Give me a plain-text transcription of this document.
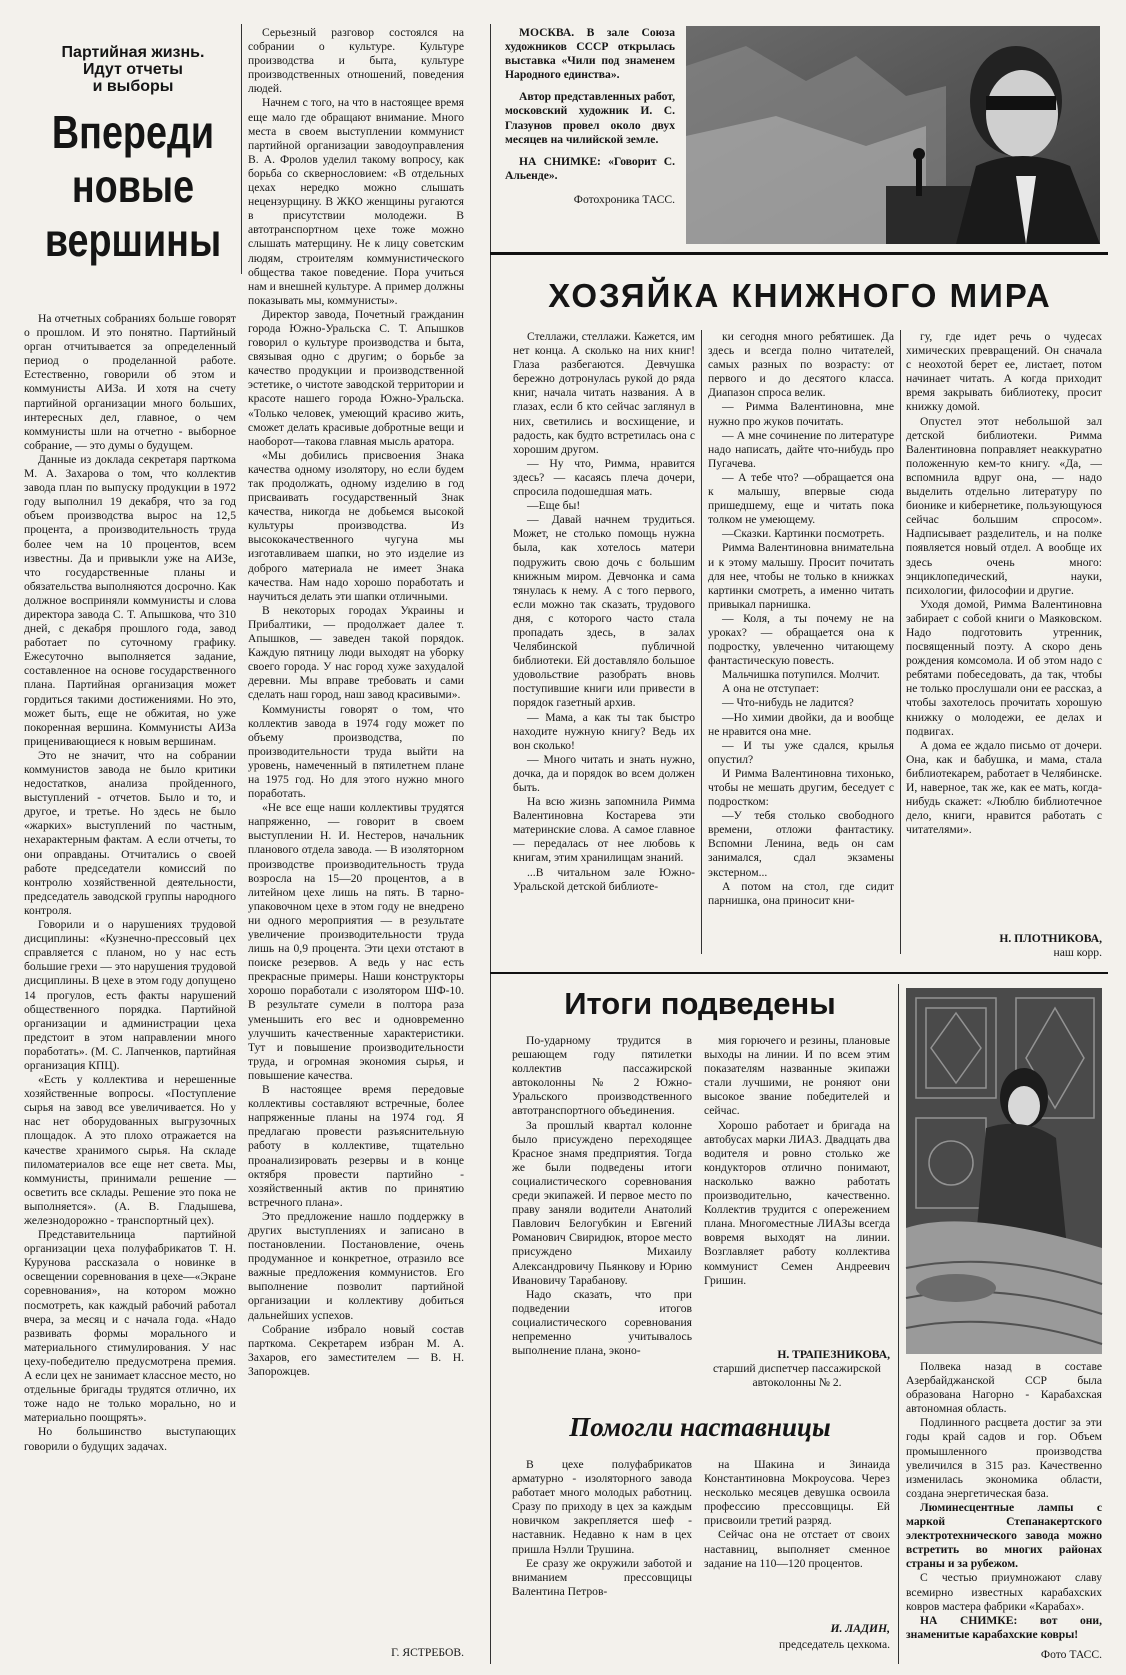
Партийная жизнь.
Идут отчеты
и выборы
Впереди
новые
вершины

На отчетных собраниях больше говорят о прошлом. И это понятно. Партийный орган отчитывается за определенный период о проделанной работе. Естественно, говорили об этом и коммунисты АИЗа. И хотя на счету партийной организации много больших, интересных дел, главное, о чем коммунисты шли на отчетно - выборное собрание, — это думы о будущем.

Данные из доклада секретаря парткома М. А. Захарова о том, что коллектив завода план по выпуску продукции в 1972 году выполнил 19 декабря, что за год объем производства вырос на 12,5 процента, а производительность труда более чем на 10 процентов, всем известны. Да и привыкли уже на АИЗе, что государственные планы и обязательства выполняются досрочно. Как должное восприняли коммунисты и слова директора завода С. Т. Апышкова, что 310 дней, с декабря прошлого года, завод работает по суточному графику. Ежесуточно выполняется задание, составленное на основе государственного плана. Партийная организация может гордиться такими достижениями. Но это, может быть, еще не обжитая, но уже покоренная вершина. Коммунисты АИЗа приценивающиеся к новым вершинам.

Это не значит, что на собрании коммунистов завода не было критики недостатков, анализа пройденного, выступлений - отчетов. Было и то, и другое, и третье. Но здесь не было «жарких» выступлений по частным, нехарактерным фактам. А если отчеты, то они оправданы. Отчитались о своей работе председатели комиссий по контролю хозяйственной деятельности, председатель заводской группы народного контроля.

Говорили и о нарушениях трудовой дисциплины: «Кузнечно-прессовый цех справляется с планом, но у нас есть большие грехи — это нарушения трудовой дисциплины. В цехе в этом году допущено 14 прогулов, есть факты нарушений общественного порядка. Партийной организации и администрации цеха предстоит в этом направлении много поработать». (М. С. Лапченков, партийная организация КПЦ).

«Есть у коллектива и нерешенные хозяйственные вопросы. «Поступление сырья на завод все увеличивается. Но у нас нет оборудованных выгрузочных площадок. А это плохо отражается на качестве хранимого сырья. На складе пиломатериалов все еще нет света. Мы, коммунисты, принимали решение — осветить все склады. Решение это пока не выполняется». (А. В. Гладышева, железнодорожно - транспортный цех).

Представительница партийной организации цеха полуфабрикатов Т. Н. Курунова рассказала о новинке в освещении соревнования в цехе—«Экране соревнования», на котором можно посмотреть, как каждый рабочий работал вчера, за месяц и с начала года. «Надо развивать формы морального и материального стимулирования. У нас цеху-победителю предусмотрена премия. А если цех не занимает классное место, но отдельные бригады трудятся отлично, их тоже надо не только морально, но и материально поощрять».

Но большинство выступающих говорили о будущих задачах.

Серьезный разговор состоялся на собрании о культуре. Культуре производства и быта, культуре производственных отношений, поведения людей.

Начнем с того, на что в настоящее время еще мало где обращают внимание. Много места в своем выступлении коммунист партийной организации заводоуправления В. А. Фролов уделил такому вопросу, как борьба со сквернословием: «В отдельных цехах нередко можно слышать нецензурщину. В ЖКО женщины ругаются в присутствии молодежи. В автотранспортном цехе тоже можно слышать матерщину. Не к лицу советским людям, строителям коммунистического общества такое поведение. Пора учиться нам и внешней культуре. А пример должны показывать мы, коммунисты».

Директор завода, Почетный гражданин города Южно-Уральска С. Т. Апышков говорил о культуре производства и быта, связывая одно с другим; о борьбе за качество продукции и производственной эстетике, о чистоте заводской территории и красоте нашего города Южно-Уральска. «Только человек, умеющий красиво жить, сможет делать красивые добротные вещи и наоборот—такова главная мысль аратора.

«Мы добились присвоения Знака качества одному изолятору, но если будем так продолжать, одному изделию в год присваивать государственный Знак качества, никогда не добьемся высокой культуры производства. Из высококачественного чугуна мы изготавливаем шапки, но это изделие из доброго материала не имеет Знака качества. Нам надо хорошо поработать и научиться делать эти шапки отличными.

В некоторых городах Украины и Прибалтики, — продолжает далее т. Апышков, — заведен такой порядок. Каждую пятницу люди выходят на уборку своего города. У нас город хуже захудалой деревни. Мы вправе требовать и сами сделать наш город, наш завод красивыми».

Коммунисты говорят о том, что коллектив завода в 1974 году может по объему производства, по производительности труда выйти на уровень, намеченный в пятилетнем плане на 1975 год. Но для этого нужно много поработать.

«Не все еще наши коллективы трудятся напряженно, — говорит в своем выступлении Н. И. Нестеров, начальник планового отдела завода. — В изоляторном производстве производительность труда возросла на 15—20 процентов, а в литейном цехе лишь на пять. В тарно-упаковочном цехе в этом году не внедрено ни одного мероприятия — в результате увеличение производительности труда лишь на 0,9 процента. Эти цехи отстают в поиске резервов. А ведь у нас есть прекрасные примеры. Наши конструкторы хорошо поработали с изолятором ШФ-10. В результате сумели в полтора раза уменьшить его вес и одновременно улучшить качественные характеристики. Тут и повышение производительности труда, и огромная экономия сырья, и повышение качества.

В настоящее время передовые коллективы составляют встречные, более напряженные планы на 1974 год. Я предлагаю провести разъяснительную работу в коллективе, тщательно проанализировать резервы и в конце октября провести партийно - хозяйственный актив по принятию встречного плана».

Это предложение нашло поддержку в других выступлениях и записано в постановлении. Постановление, очень продуманное и конкретное, отразило все важные предложения коммунистов. Его выполнение позволит партийной организации и коллективу добиться дальнейших успехов.

Собрание избрало новый состав парткома. Секретарем избран М. А. Захаров, его заместителем — В. Н. Запорожцев.

Г. ЯСТРЕБОВ.

МОСКВА. В зале Союза художников СССР открылась выставка «Чили под знаменем Народного единства».

Автор представленных работ, московский художник И. С. Глазунов провел около двух месяцев на чилийской земле.

НА СНИМКЕ: «Говорит С. Альенде».

Фотохроника ТАСС.
ХОЗЯЙКА КНИЖНОГО МИРА

Стеллажи, стеллажи. Кажется, им нет конца. А сколько на них книг! Глаза разбегаются. Девчушка бережно дотронулась рукой до ряда книг, начала читать названия. А в глазах, если б кто сейчас заглянул в них, светились и восхищение, и радость, как будто встретилась она с хорошим другом.

— Ну что, Римма, нравится здесь? — касаясь плеча дочери, спросила подошедшая мать.

—Еще бы!

— Давай начнем трудиться. Может, не столько помощь нужна была, как хотелось матери подружить свою дочь с большим книжным миром. Девчонка и сама тянулась к нему. А с того первого, если можно так сказать, трудового дня, с которого часто стала пропадать здесь, в залах Челябинской публичной библиотеки. Ей доставляло большое удовольствие разобрать вновь поступившие книги или привести в порядок газетный архив.

— Мама, а как ты так быстро находите нужную книгу? Ведь их вон сколько!

— Много читать и знать нужно, дочка, да и порядок во всем должен быть.

На всю жизнь запомнила Римма Валентиновна Костарева эти материнские слова. А самое главное — передалась от нее любовь к книгам, этим хранилищам знаний.

...В читальном зале Южно-Уральской детской библиоте-

ки сегодня много ребятишек. Да здесь и всегда полно читателей, самых разных по возрасту: от первого и до десятого класса. Диапазон спроса велик.

— Римма Валентиновна, мне нужно про жуков почитать.

— А мне сочинение по литературе надо написать, дайте что-нибудь про Пугачева.

— А тебе что? —обращается она к малышу, впервые сюда пришедшему, еще и читать пока толком не умеющему.

—Сказки. Картинки посмотреть.

Римма Валентиновна внимательна и к этому малышу. Просит почитать для нее, чтобы не только в книжках картинки смотреть, а именно читать привыкал парнишка.

— Коля, а ты почему не на уроках? — обращается она к подростку, увлеченно читающему фантастическую повесть.

Мальчишка потупился. Молчит.

А она не отступает:

— Что-нибудь не ладится?

—Но химии двойки, да и вообще не нравится она мне.

— И ты уже сдался, крылья опустил?

И Римма Валентиновна тихонько, чтобы не мешать другим, беседует с подростком:

—У тебя столько свободного времени, отложи фантастику. Вспомни Ленина, ведь он сам занимался, сдал экзамены экстерном...

А потом на стол, где сидит парнишка, она приносит кни-

гу, где идет речь о чудесах химических превращений. Он сначала с неохотой берет ее, листает, потом начинает читать. А когда приходит время закрывать библиотеку, просит книжку домой.

Опустел этот небольшой зал детской библиотеки. Римма Валентиновна поправляет неаккуратно положенную кем-то книгу. «Да, — вспомнила вдруг она, — надо выделить отдельно литературу по бионике и кибернетике, пользующуюся сейчас большим спросом». Надписывает разделитель, и на полке появляется новый отдел. А вообще их здесь очень много: энциклопедический, науки, психологии, философии и другие.

Уходя домой, Римма Валентиновна забирает с собой книги о Маяковском. Надо подготовить утренник, посвященный поэту. А скоро день рождения комсомола. И об этом надо с ребятами побеседовать, да так, чтобы не только прослушали они ее рассказ, а чтобы захотелось прочитать хорошую книжку о молодежи, ее делах и подвигах.

А дома ее ждало письмо от дочери. Она, как и бабушка, и мама, стала библиотекарем, работает в Челябинске. И, наверное, так же, как ее мать, когда-нибудь скажет: «Люблю библиотечное дело, книги, нравится работать с читателями».

Н. ПЛОТНИКОВА,
наш корр.
Итоги подведены

По-ударному трудится в решающем году пятилетки коллектив пассажирской автоколонны № 2 Южно-Уральского производственного автотранспортного объединения.

За прошлый квартал колонне было присуждено переходящее Красное знамя предприятия. Тогда же были подведены итоги социалистического соревнования среди экипажей. И первое место по праву заняли водители Анатолий Павлович Белогубкин и Евгений Романович Свиридюк, второе место присуждено Михаилу Александровичу Пьянкову и Юрию Ивановичу Тарабанову.

Надо сказать, что при подведении итогов социалистического соревнования непременно учитывалось выполнение плана, эконо-

мия горючего и резины, плановые выходы на линии. И по всем этим показателям названные экипажи стали лучшими, не роняют они высокое звание победителей и сейчас.

Хорошо работает и бригада на автобусах марки ЛИАЗ. Двадцать два водителя и ровно столько же кондукторов отлично понимают, насколько важно работать производительно, качественно. Коллектив трудится с опережением плана. Многоместные ЛИАЗы всегда вовремя выходят на линии. Возглавляет работу коллектива коммунист Семен Андреевич Гришин.

Н. ТРАПЕЗНИКОВА,
старший диспетчер пассажирской автоколонны № 2.
Помогли наставницы

В цехе полуфабрикатов арматурно - изоляторного завода работает много молодых работниц. Сразу по приходу в цех за каждым новичком закрепляется шеф - наставник. Недавно к нам в цех пришла Нэлли Трушина.

Ее сразу же окружили заботой и вниманием прессовщицы Валентина Петров-

на Шакина и Зинаида Константиновна Мокроусова. Через несколько месяцев девушка освоила профессию прессовщицы. Ей присвоили третий разряд.

Сейчас она не отстает от своих наставниц, выполняет сменное задание на 110—120 процентов.

И. ЛАДИН,
председатель цехкома.

Полвека назад в составе Азербайджанской ССР была образована Нагорно - Карабахская автономная область.

Подлинного расцвета достиг за эти годы край садов и гор. Объем промышленного производства увеличился в 315 раз. Качественно изменилась экономика области, создана энергетическая база.

Люминесцентные лампы с маркой Степанакертского электротехнического завода можно встретить во многих районах страны и за рубежом.

С честью приумножают славу всемирно известных карабахских ковров мастера фабрики «Карабах».

НА СНИМКЕ: вот они, знаменитые карабахские ковры!

Фото ТАСС.
